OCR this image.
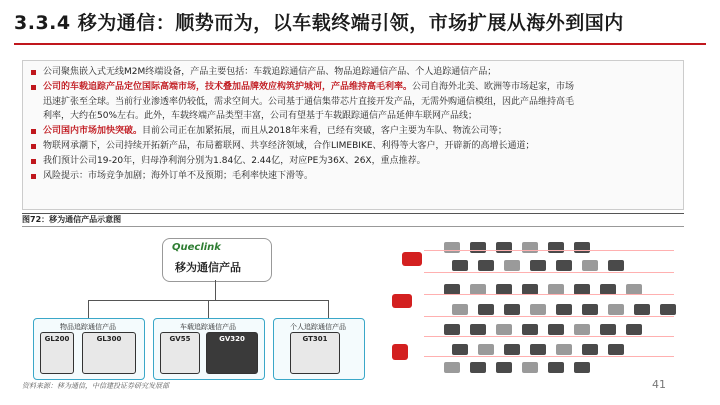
3.3.4 移为通信：顺势而为，以车载终端引领，市场扩展从海外到国内
公司聚焦嵌入式无线M2M终端设备，产品主要包括：车载追踪通信产品、物品追踪通信产品、个人追踪通信产品；
公司的车载追踪产品定位国际高端市场，技术叠加品牌效应构筑护城河，产品维持高毛利率。公司自海外北美、欧洲等市场起家，市场
迅速扩张至全球。当前行业渗透率仍较低，需求空间大。公司基于通信集带芯片直接开发产品，无需外购通信模组，因此产品维持高毛
利率，大约在50%左右。此外，车载终端产品类型丰富，公司有望基于车载跟踪通信产品延伸车联网产品线；
公司国内市场加快突破。目前公司正在加紧拓展，而且从2018年来看，已经有突破，客户主要为车队、物流公司等；
物联网承潮下，公司持续开拓新产品，布局蓄联网、共享经济领域，合作LIMEBIKE、利得等大客户，开辟新的高增长通道；
我们预计公司19-20年，归母净利润分别为1.84亿、2.44亿，对应PE为36X、26X，重点推荐。
风险提示：市场竞争加剧；海外订单不及预期；毛利率快速下滑等。
图72：移为通信产品示意图
Queclink
移为通信产品
物品追踪通信产品
GL200	GL300
车载追踪通信产品
GV55	GV320
个人追踪通信产品
GT301
资料来源：移为通信，中信建投证券研究发展部	41
